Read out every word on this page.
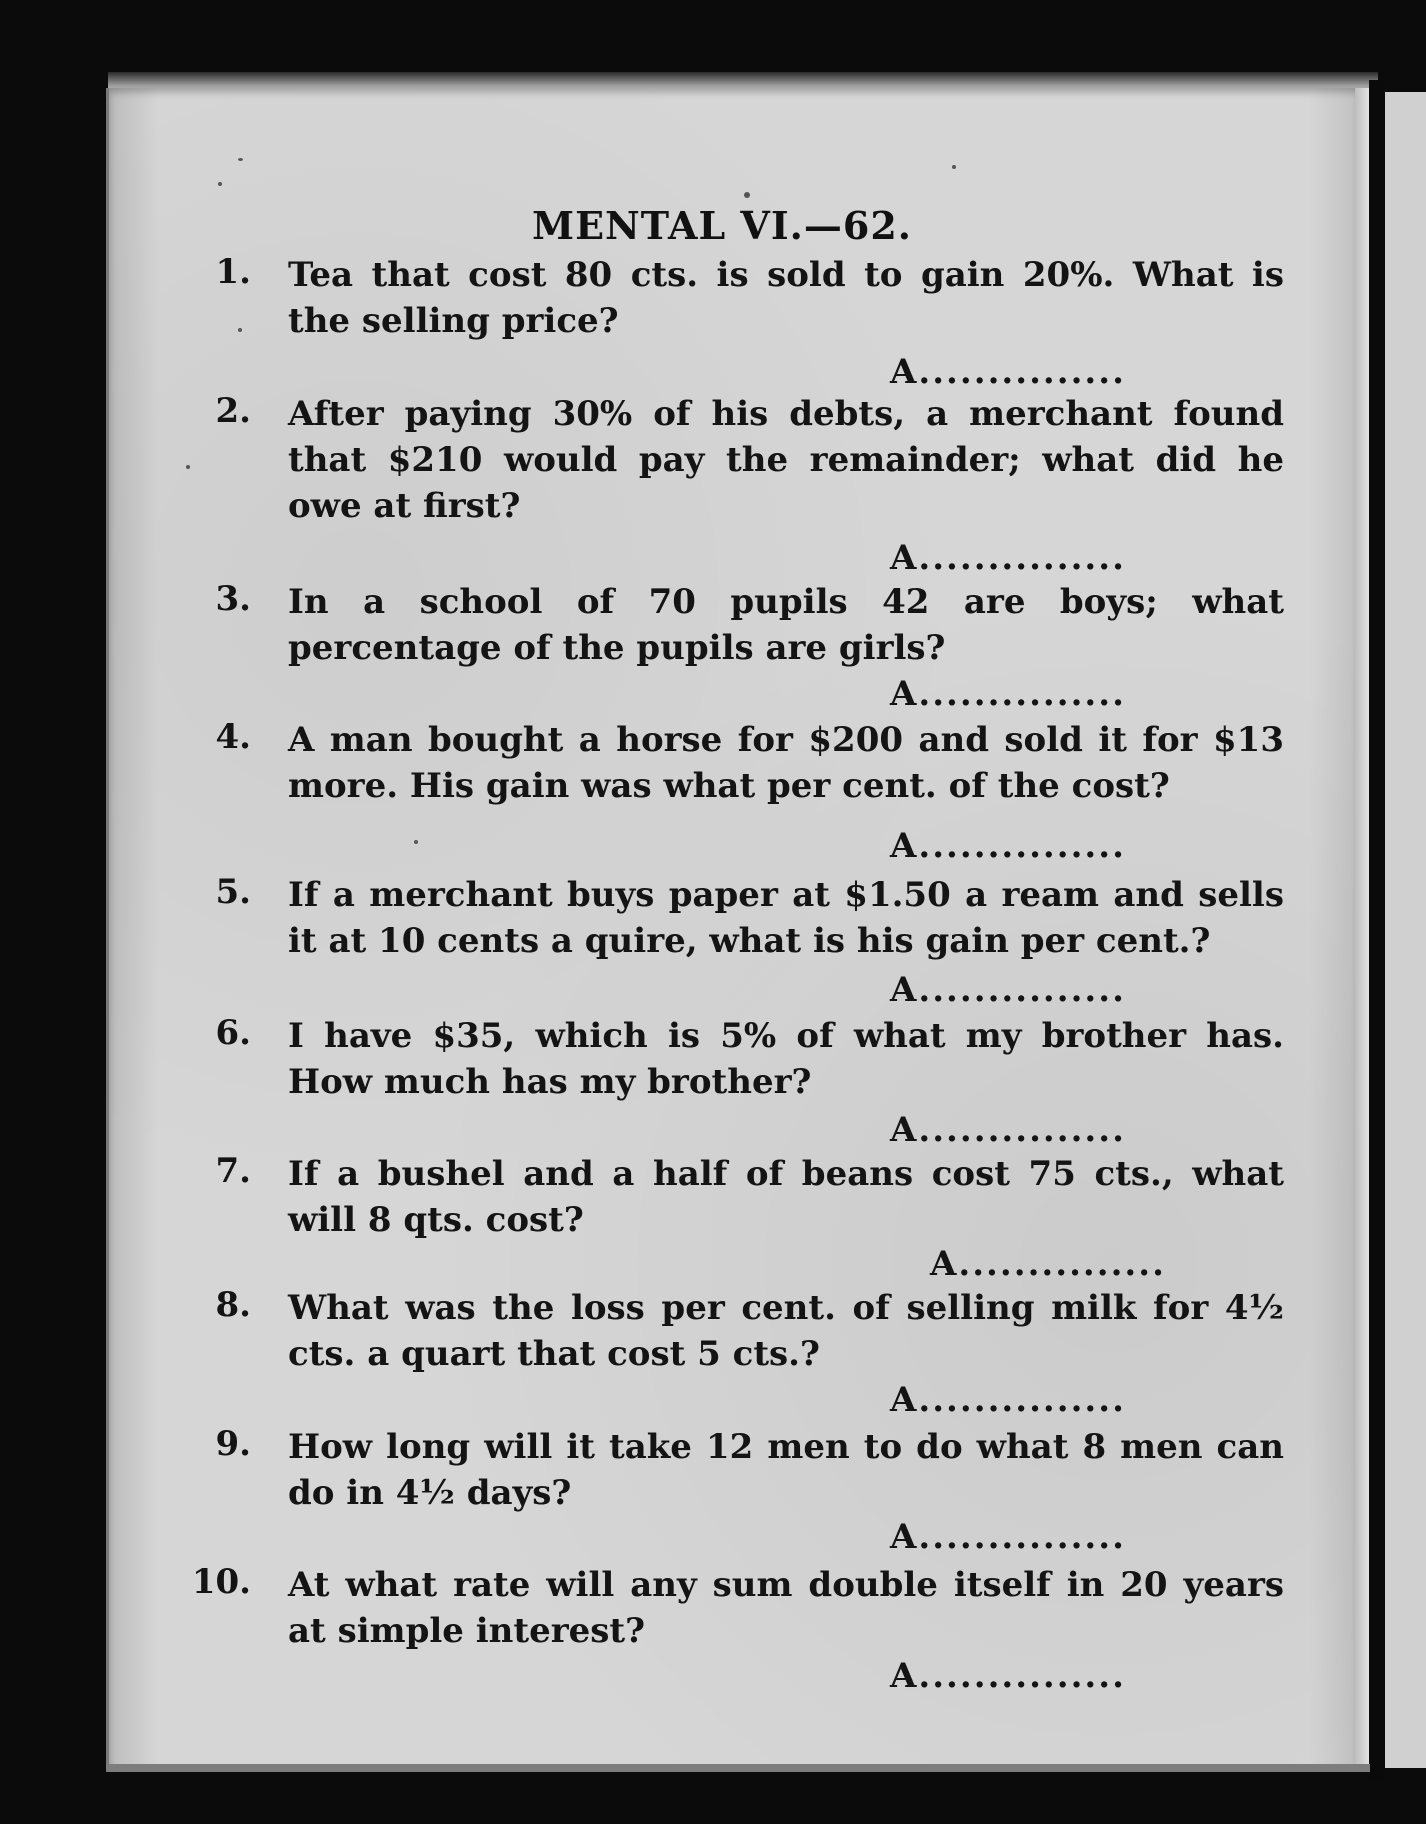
MENTAL VI.—62.
1. Tea that cost 80 cts. is sold to gain 20%. What is the selling price?
A...............
2. After paying 30% of his debts, a merchant found that $210 would pay the remainder; what did he owe at first?
A...............
3. In a school of 70 pupils 42 are boys; what percentage of the pupils are girls?
A...............
4. A man bought a horse for $200 and sold it for $13 more. His gain was what per cent. of the cost?
A...............
5. If a merchant buys paper at $1.50 a ream and sells it at 10 cents a quire, what is his gain per cent.?
A...............
6. I have $35, which is 5% of what my brother has. How much has my brother?
A...............
7. If a bushel and a half of beans cost 75 cts., what will 8 qts. cost?
A...............
8. What was the loss per cent. of selling milk for 4½ cts. a quart that cost 5 cts.?
A...............
9. How long will it take 12 men to do what 8 men can do in 4½ days?
A...............
10. At what rate will any sum double itself in 20 years at simple interest?
A...............
